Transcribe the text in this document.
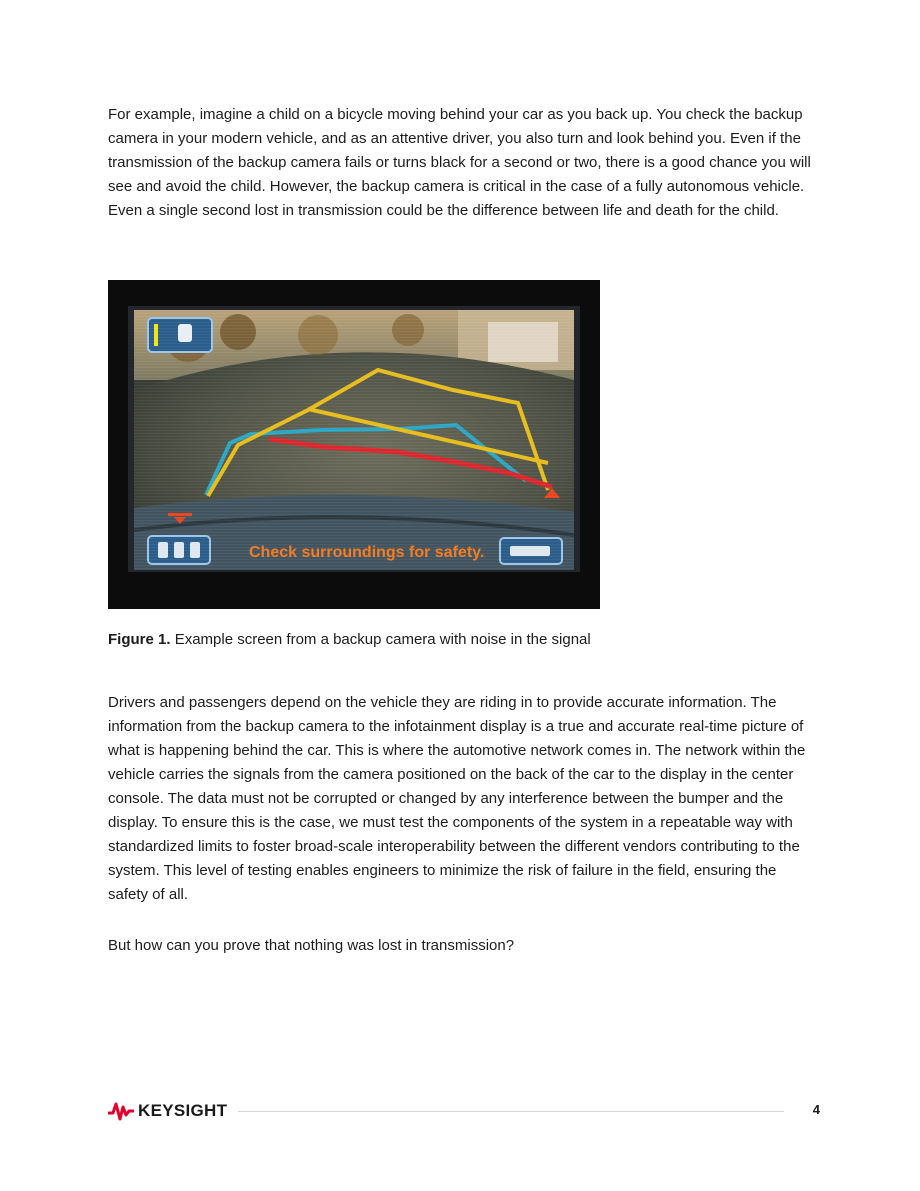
For example, imagine a child on a bicycle moving behind your car as you back up. You check the backup camera in your modern vehicle, and as an attentive driver, you also turn and look behind you. Even if the transmission of the backup camera fails or turns black for a second or two, there is a good chance you will see and avoid the child. However, the backup camera is critical in the case of a fully autonomous vehicle. Even a single second lost in transmission could be the difference between life and death for the child.

Figure 1. Example screen from a backup camera with noise in the signal

Drivers and passengers depend on the vehicle they are riding in to provide accurate information. The information from the backup camera to the infotainment display is a true and accurate real-time picture of what is happening behind the car. This is where the automotive network comes in. The network within the vehicle carries the signals from the camera positioned on the back of the car to the display in the center console. The data must not be corrupted or changed by any interference between the bumper and the display. To ensure this is the case, we must test the components of the system in a repeatable way with standardized limits to foster broad-scale interoperability between the different vendors contributing to the system. This level of testing enables engineers to minimize the risk of failure in the field, ensuring the safety of all.

But how can you prove that nothing was lost in transmission?

KEYSIGHT	4
